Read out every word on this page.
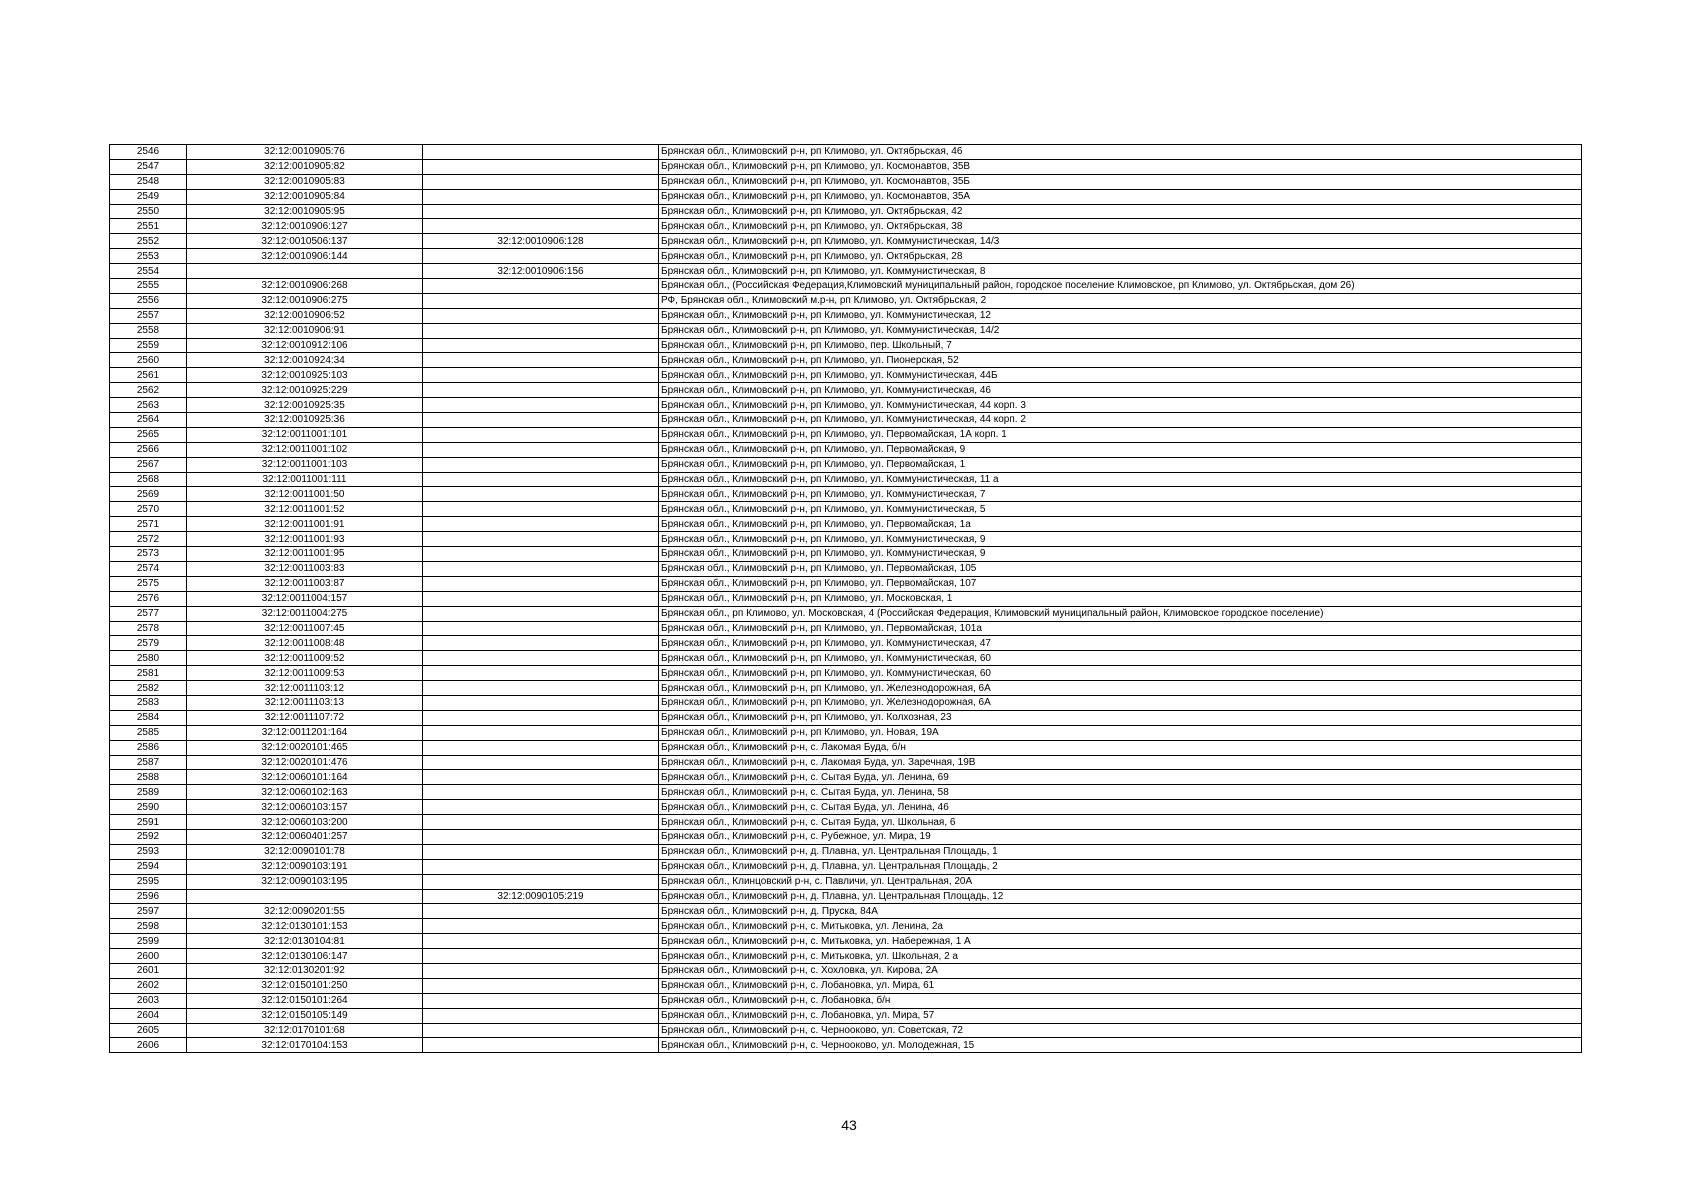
2546	32:12:0010905:76		Брянская обл., Климовский р-н, рп Климово, ул. Октябрьская, 46
2547	32:12:0010905:82		Брянская обл., Климовский р-н, рп Климово, ул. Космонавтов, 35В
2548	32:12:0010905:83		Брянская обл., Климовский р-н, рп Климово, ул. Космонавтов, 35Б
2549	32:12:0010905:84		Брянская обл., Климовский р-н, рп Климово, ул. Космонавтов, 35А
2550	32:12:0010905:95		Брянская обл., Климовский р-н, рп Климово, ул. Октябрьская, 42
2551	32:12:0010906:127		Брянская обл., Климовский р-н, рп Климово, ул. Октябрьская, 38
2552	32:12:0010506:137	32:12:0010906:128	Брянская обл., Климовский р-н, рп Климово, ул. Коммунистическая, 14/3
2553	32:12:0010906:144		Брянская обл., Климовский р-н, рп Климово, ул. Октябрьская, 28
2554		32:12:0010906:156	Брянская обл., Климовский р-н, рп Климово, ул. Коммунистическая, 8
2555	32:12:0010906:268		Брянская обл., (Российская Федерация,Климовский муниципальный район, городское поселение Климовское, рп Климово, ул. Октябрьская, дом 26)
2556	32:12:0010906:275		РФ, Брянская обл., Климовский м.р-н, рп Климово, ул. Октябрьская, 2
2557	32:12:0010906:52		Брянская обл., Климовский р-н, рп Климово, ул. Коммунистическая, 12
2558	32:12:0010906:91		Брянская обл., Климовский р-н, рп Климово, ул. Коммунистическая, 14/2
2559	32:12:0010912:106		Брянская обл., Климовский р-н, рп Климово, пер. Школьный, 7
2560	32:12:0010924:34		Брянская обл., Климовский р-н, рп Климово, ул. Пионерская, 52
2561	32:12:0010925:103		Брянская обл., Климовский р-н, рп Климово, ул. Коммунистическая, 44Б
2562	32:12:0010925:229		Брянская обл., Климовский р-н, рп Климово, ул. Коммунистическая, 46
2563	32:12:0010925:35		Брянская обл., Климовский р-н, рп Климово, ул. Коммунистическая, 44 корп. 3
2564	32:12:0010925:36		Брянская обл., Климовский р-н, рп Климово, ул. Коммунистическая, 44 корп. 2
2565	32:12:0011001:101		Брянская обл., Климовский р-н, рп Климово, ул. Первомайская, 1А корп. 1
2566	32:12:0011001:102		Брянская обл., Климовский р-н, рп Климово, ул. Первомайская, 9
2567	32:12:0011001:103		Брянская обл., Климовский р-н, рп Климово, ул. Первомайская, 1
2568	32:12:0011001:111		Брянская обл., Климовский р-н, рп Климово, ул. Коммунистическая, 11 а
2569	32:12:0011001:50		Брянская обл., Климовский р-н, рп Климово, ул. Коммунистическая, 7
2570	32:12:0011001:52		Брянская обл., Климовский р-н, рп Климово, ул. Коммунистическая, 5
2571	32:12:0011001:91		Брянская обл., Климовский р-н, рп Климово, ул. Первомайская, 1а
2572	32:12:0011001:93		Брянская обл., Климовский р-н, рп Климово, ул. Коммунистическая, 9
2573	32:12:0011001:95		Брянская обл., Климовский р-н, рп Климово, ул. Коммунистическая, 9
2574	32:12:0011003:83		Брянская обл., Климовский р-н, рп Климово, ул. Первомайская, 105
2575	32:12:0011003:87		Брянская обл., Климовский р-н, рп Климово, ул. Первомайская, 107
2576	32:12:0011004:157		Брянская обл., Климовский р-н, рп Климово, ул. Московская, 1
2577	32:12:0011004:275		Брянская обл., рп Климово, ул. Московская, 4 (Российская Федерация, Климовский муниципальный район, Климовское городское поселение)
2578	32:12:0011007:45		Брянская обл., Климовский р-н, рп Климово, ул. Первомайская, 101а
2579	32:12:0011008:48		Брянская обл., Климовский р-н, рп Климово, ул. Коммунистическая, 47
2580	32:12:0011009:52		Брянская обл., Климовский р-н, рп Климово, ул. Коммунистическая, 60
2581	32:12:0011009:53		Брянская обл., Климовский р-н, рп Климово, ул. Коммунистическая, 60
2582	32:12:0011103:12		Брянская обл., Климовский р-н, рп Климово, ул. Железнодорожная, 6А
2583	32:12:0011103:13		Брянская обл., Климовский р-н, рп Климово, ул. Железнодорожная, 6А
2584	32:12:0011107:72		Брянская обл., Климовский р-н, рп Климово, ул. Колхозная, 23
2585	32:12:0011201:164		Брянская обл., Климовский р-н, рп Климово, ул. Новая, 19А
2586	32:12:0020101:465		Брянская обл., Климовский р-н, с. Лакомая Буда, б/н
2587	32:12:0020101:476		Брянская обл., Климовский р-н, с. Лакомая Буда, ул. Заречная, 19В
2588	32:12:0060101:164		Брянская обл., Климовский р-н, с. Сытая Буда, ул. Ленина, 69
2589	32:12:0060102:163		Брянская обл., Климовский р-н, с. Сытая Буда, ул. Ленина, 58
2590	32:12:0060103:157		Брянская обл., Климовский р-н, с. Сытая Буда, ул. Ленина, 46
2591	32:12:0060103:200		Брянская обл., Климовский р-н, с. Сытая Буда, ул. Школьная, 6
2592	32:12:0060401:257		Брянская обл., Климовский р-н, с. Рубежное, ул. Мира, 19
2593	32:12:0090101:78		Брянская обл., Климовский р-н, д. Плавна, ул. Центральная Площадь, 1
2594	32:12:0090103:191		Брянская обл., Климовский р-н, д. Плавна, ул. Центральная Площадь, 2
2595	32:12:0090103:195		Брянская обл., Клинцовский р-н, с. Павличи, ул. Центральная, 20А
2596		32:12:0090105:219	Брянская обл., Климовский р-н, д. Плавна, ул. Центральная Площадь, 12
2597	32:12:0090201:55		Брянская обл., Климовский р-н, д. Пруска, 84А
2598	32:12:0130101:153		Брянская обл., Климовский р-н, с. Митьковка, ул. Ленина, 2а
2599	32:12:0130104:81		Брянская обл., Климовский р-н, с. Митьковка, ул. Набережная, 1 А
2600	32:12:0130106:147		Брянская обл., Климовский р-н, с. Митьковка, ул. Школьная, 2 а
2601	32:12:0130201:92		Брянская обл., Климовский р-н, с. Хохловка, ул. Кирова, 2А
2602	32:12:0150101:250		Брянская обл., Климовский р-н, с. Лобановка, ул. Мира, 61
2603	32:12:0150101:264		Брянская обл., Климовский р-н, с. Лобановка, б/н
2604	32:12:0150105:149		Брянская обл., Климовский р-н, с. Лобановка, ул. Мира, 57
2605	32:12:0170101:68		Брянская обл., Климовский р-н, с. Чернооково, ул. Советская, 72
2606	32:12:0170104:153		Брянская обл., Климовский р-н, с. Чернооково, ул. Молодежная, 15
43
